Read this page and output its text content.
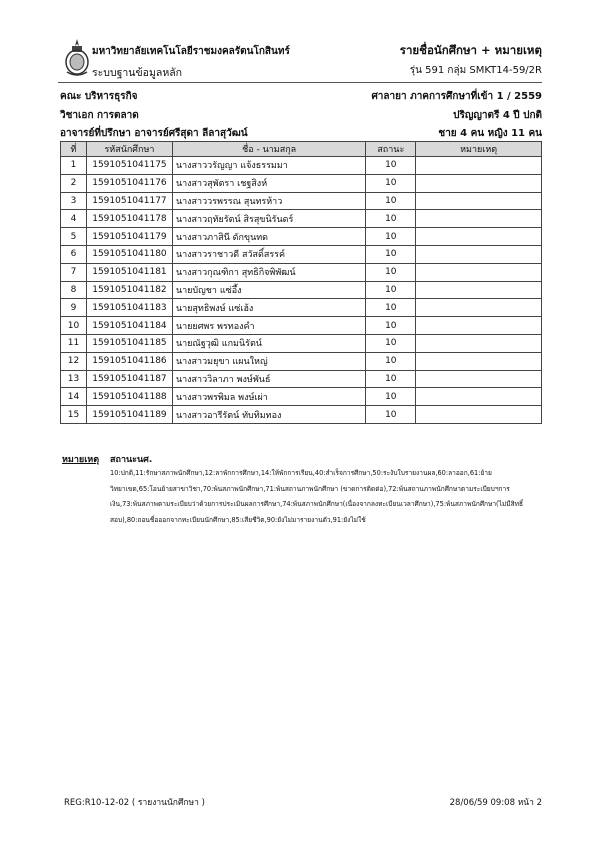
มหาวิทยาลัยเทคโนโลยีราชมงคลรัตนโกสินทร์
ระบบฐานข้อมูลหลัก
รายชื่อนักศึกษา + หมายเหตุ
รุ่น 591 กลุ่ม SMKT14-59/2R
คณะ บริหารธุรกิจ	ศาลายา ภาคการศึกษาที่เข้า 1 / 2559
วิชาเอก การตลาด	ปริญญาตรี 4 ปี ปกติ
อาจารย์ที่ปรึกษา อาจารย์ศรีสุดา ลีลาสุวัฒน์	ชาย 4 คน หญิง 11 คน
ที่	รหัสนักศึกษา	ชื่อ - นามสกุล	สถานะ	หมายเหตุ
1	1591051041175	นางสาววรัญญา แจ้งธรรมมา	10	
2	1591051041176	นางสาวสุพัตรา เชฐสิงห์	10	
3	1591051041177	นางสาววรพรรณ สุนทรห้าว	10	
4	1591051041178	นางสาวฤทัยรัตน์ สิรสุขนิรันดร์	10	
5	1591051041179	นางสาวภาสินี ดักขุนทด	10	
6	1591051041180	นางสาวราชาวดี สวัสดิ์สรรค์	10	
7	1591051041181	นางสาวกุณฑิกา สุทธิกิจพิพัฒน์	10	
8	1591051041182	นายบัญชา แซ่อึ้ง	10	
9	1591051041183	นายสุทธิพงษ์ แซ่เฮ้ง	10	
10	1591051041184	นายยศพร พรทองคำ	10	
11	1591051041185	นายณัฐวุฒิ แกมนิรัตน์	10	
12	1591051041186	นางสาวมยุขา แผนใหญ่	10	
13	1591051041187	นางสาววิลาภา พงษ์พันธ์	10	
14	1591051041188	นางสาวพรพิมล พงษ์เผ่า	10	
15	1591051041189	นางสาวอารีรัตน์ ทับทิมทอง	10	
หมายเหตุ สถานะนศ.
10:ปกติ,11:รักษาสภาพนักศึกษา,12:ลาพักการศึกษา,14:ให้พักการเรียน,40:สำเร็จการศึกษา,50:ระงับใบรายงานผล,60:ลาออก,61:ย้ายวิทยาเขต,65:โอนย้ายสาขาวิชา,70:พ้นสภาพนักศึกษา,71:พ้นสถานภาพนักศึกษา (ขาดการติดต่อ),72:พ้นสถานภาพนักศึกษาตามระเบียบฯการเงิน,73:พ้นสภาพตามระเบียบว่าด้วยการประเมินผลการศึกษา,74:พ้นสภาพนักศึกษา(เนื่องจากลงทะเบียนเวลาศึกษา),75:พ้นสภาพนักศึกษา(ไม่มีสิทธิ์สอบ),80:ถอนชื่อออกจากทะเบียนนักศึกษา,85:เสียชีวิต,90:ยังไม่มารายงานตัว,91:ยังไม่ใช้
REG:R10-12-02 ( รายงานนักศึกษา )	28/06/59 09:08 หน้า 2
